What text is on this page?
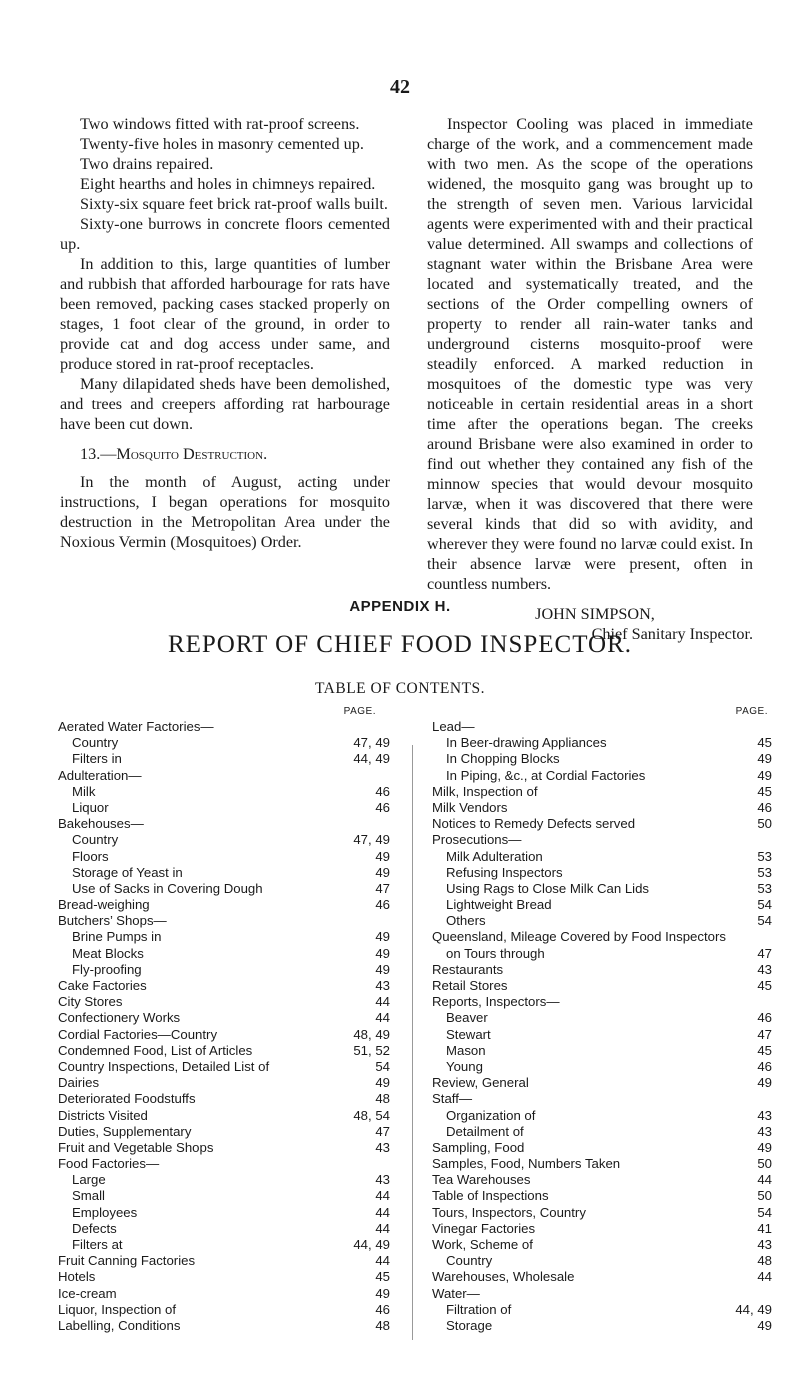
42

Two windows fitted with rat-proof screens.

Twenty-five holes in masonry cemented up.

Two drains repaired.

Eight hearths and holes in chimneys repaired.

Sixty-six square feet brick rat-proof walls built.

Sixty-one burrows in concrete floors cemented up.

In addition to this, large quantities of lumber and rubbish that afforded harbourage for rats have been removed, packing cases stacked properly on stages, 1 foot clear of the ground, in order to provide cat and dog access under same, and produce stored in rat-proof receptacles.

Many dilapidated sheds have been demolished, and trees and creepers affording rat harbourage have been cut down.

13.—Mosquito Destruction.

In the month of August, acting under instructions, I began operations for mosquito destruction in the Metropolitan Area under the Noxious Vermin (Mosquitoes) Order.

Inspector Cooling was placed in immediate charge of the work, and a commencement made with two men. As the scope of the operations widened, the mosquito gang was brought up to the strength of seven men. Various larvicidal agents were experimented with and their practical value determined. All swamps and collections of stagnant water within the Brisbane Area were located and systematically treated, and the sections of the Order compelling owners of property to render all rain-water tanks and underground cisterns mosquito-proof were steadily enforced. A marked reduction in mosquitoes of the domestic type was very noticeable in certain residential areas in a short time after the operations began. The creeks around Brisbane were also examined in order to find out whether they contained any fish of the minnow species that would devour mosquito larvæ, when it was discovered that there were several kinds that did so with avidity, and wherever they were found no larvæ could exist. In their absence larvæ were present, often in countless numbers.

JOHN SIMPSON,
Chief Sanitary Inspector.
APPENDIX H.
REPORT OF CHIEF FOOD INSPECTOR.
TABLE OF CONTENTS.
PAGE.
Aerated Water Factories—
Country	47, 49
Filters in	44, 49
Adulteration—
Milk	46
Liquor	46
Bakehouses—
Country	47, 49
Floors	49
Storage of Yeast in	49
Use of Sacks in Covering Dough	47
Bread-weighing	46
Butchers’ Shops—
Brine Pumps in	49
Meat Blocks	49
Fly-proofing	49
Cake Factories	43
City Stores	44
Confectionery Works	44
Cordial Factories—Country	48, 49
Condemned Food, List of Articles	51, 52
Country Inspections, Detailed List of	54
Dairies	49
Deteriorated Foodstuffs	48
Districts Visited	48, 54
Duties, Supplementary	47
Fruit and Vegetable Shops	43
Food Factories—
Large	43
Small	44
Employees	44
Defects	44
Filters at	44, 49
Fruit Canning Factories	44
Hotels	45
Ice-cream	49
Liquor, Inspection of	46
Labelling, Conditions	48
PAGE.
Lead—
In Beer-drawing Appliances	45
In Chopping Blocks	49
In Piping, &c., at Cordial Factories	49
Milk, Inspection of	45
Milk Vendors	46
Notices to Remedy Defects served	50
Prosecutions—
Milk Adulteration	53
Refusing Inspectors	53
Using Rags to Close Milk Can Lids	53
Lightweight Bread	54
Others	54
Queensland, Mileage Covered by Food Inspectors
on Tours through	47
Restaurants	43
Retail Stores	45
Reports, Inspectors—
Beaver	46
Stewart	47
Mason	45
Young	46
Review, General	49
Staff—
Organization of	43
Detailment of	43
Sampling, Food	49
Samples, Food, Numbers Taken	50
Tea Warehouses	44
Table of Inspections	50
Tours, Inspectors, Country	54
Vinegar Factories	41
Work, Scheme of	43
Country	48
Warehouses, Wholesale	44
Water—
Filtration of	44, 49
Storage	49
